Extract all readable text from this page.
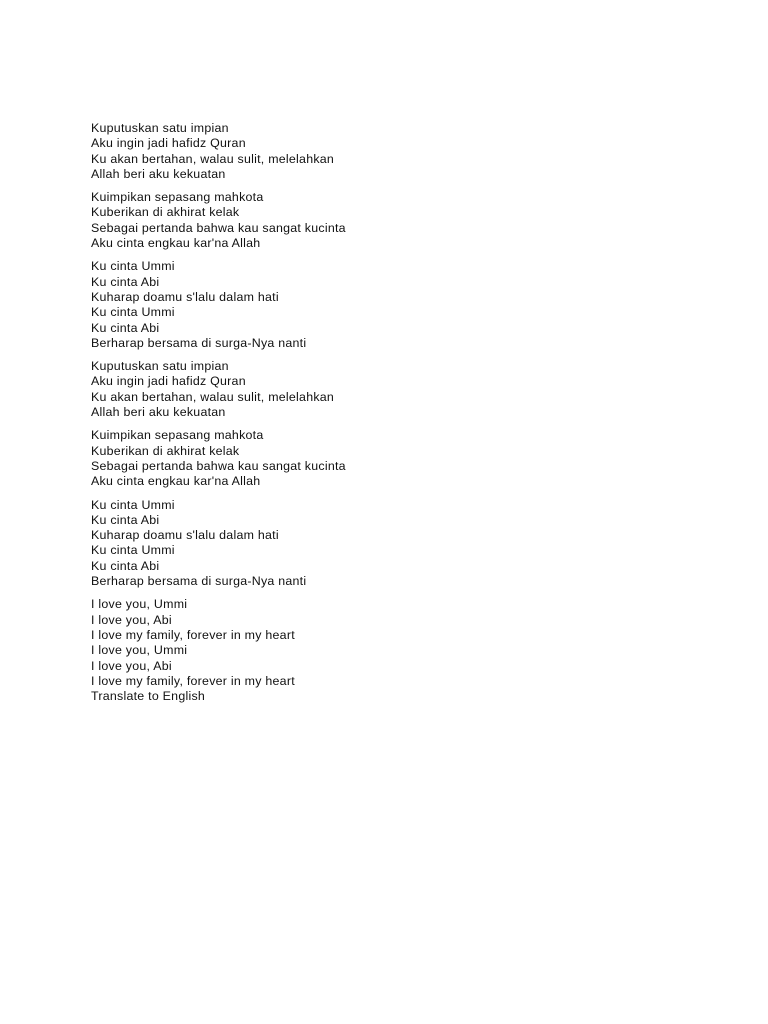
Kuputuskan satu impian
Aku ingin jadi hafidz Quran
Ku akan bertahan, walau sulit, melelahkan
Allah beri aku kekuatan
Kuimpikan sepasang mahkota
Kuberikan di akhirat kelak
Sebagai pertanda bahwa kau sangat kucinta
Aku cinta engkau kar'na Allah
Ku cinta Ummi
Ku cinta Abi
Kuharap doamu s'lalu dalam hati
Ku cinta Ummi
Ku cinta Abi
Berharap bersama di surga-Nya nanti
Kuputuskan satu impian
Aku ingin jadi hafidz Quran
Ku akan bertahan, walau sulit, melelahkan
Allah beri aku kekuatan
Kuimpikan sepasang mahkota
Kuberikan di akhirat kelak
Sebagai pertanda bahwa kau sangat kucinta
Aku cinta engkau kar'na Allah
Ku cinta Ummi
Ku cinta Abi
Kuharap doamu s'lalu dalam hati
Ku cinta Ummi
Ku cinta Abi
Berharap bersama di surga-Nya nanti
I love you, Ummi
I love you, Abi
I love my family, forever in my heart
I love you, Ummi
I love you, Abi
I love my family, forever in my heart
Translate to English
